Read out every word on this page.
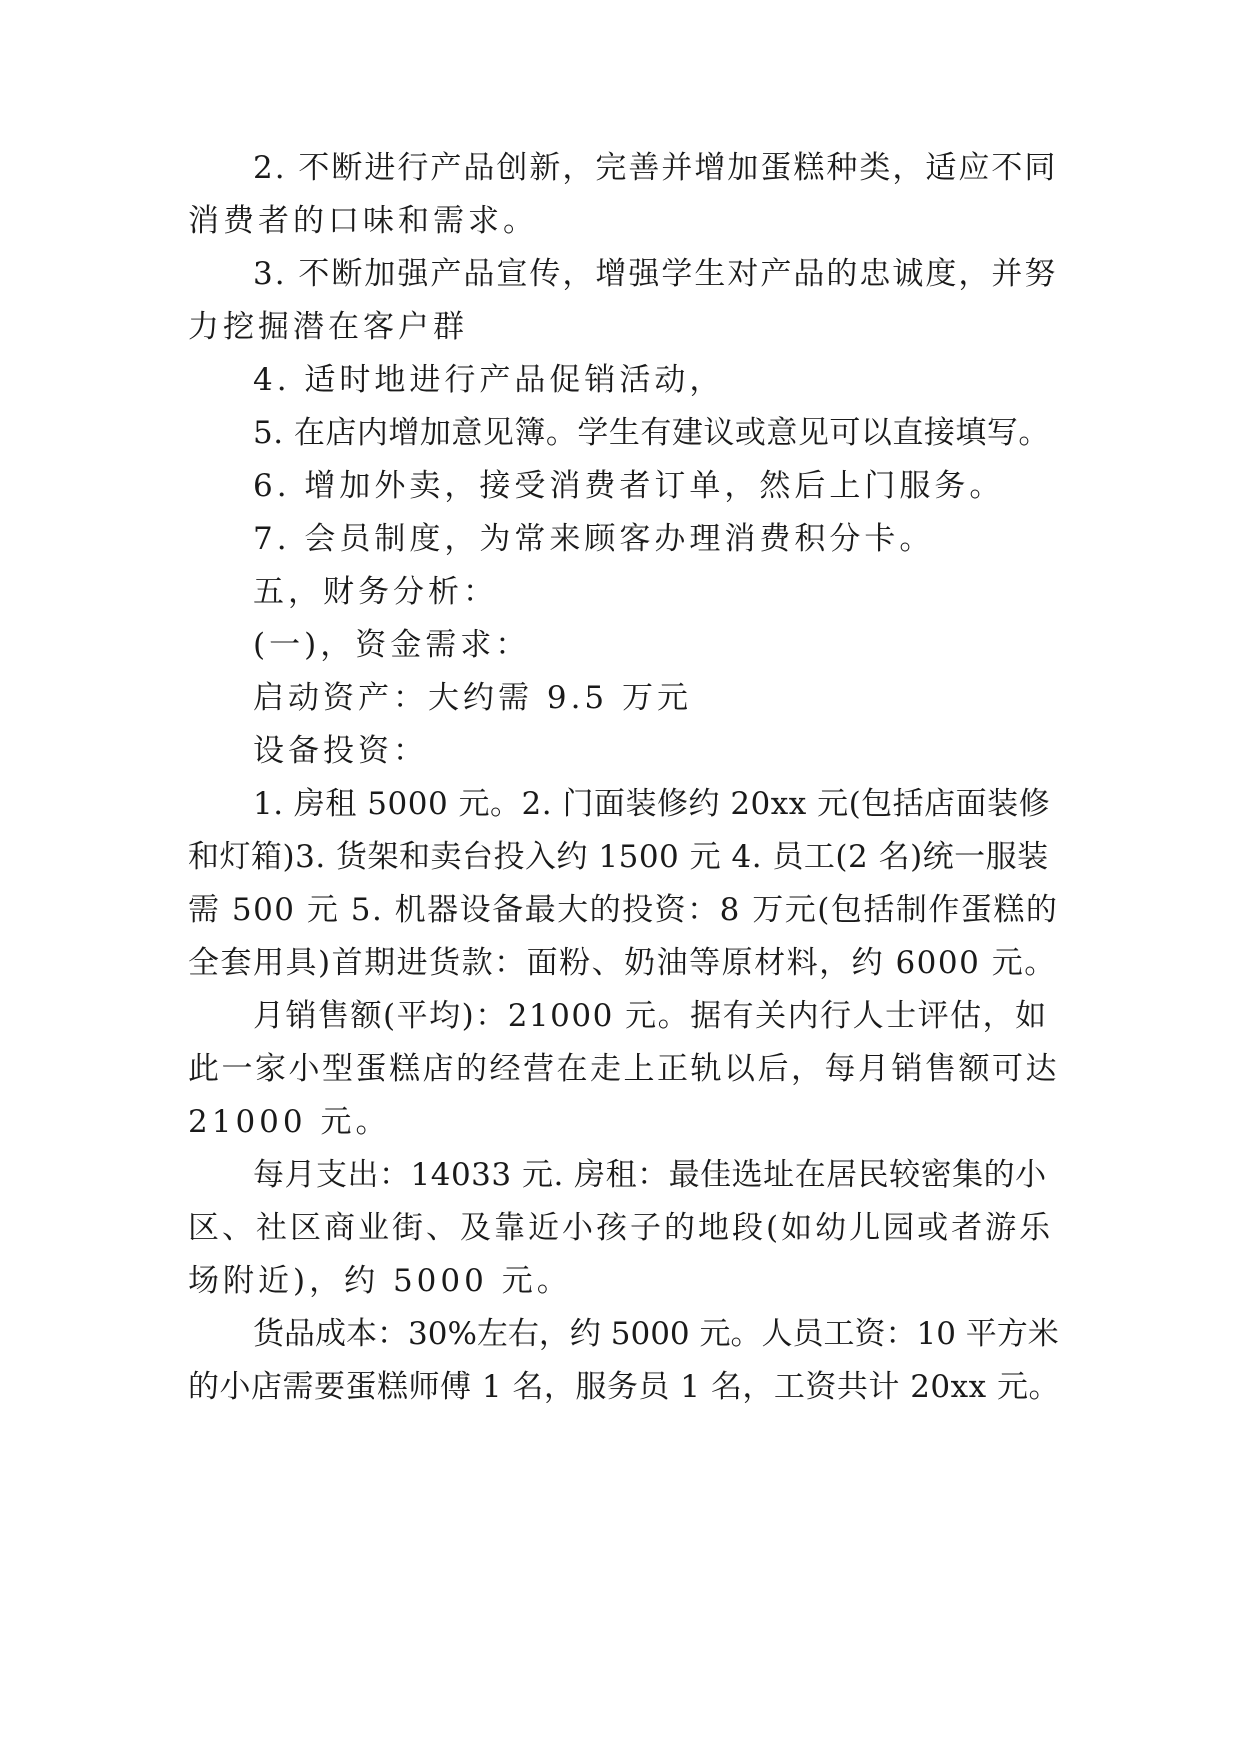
2. 不断进行产品创新，完善并增加蛋糕种类，适应不同

消费者的口味和需求。

3. 不断加强产品宣传，增强学生对产品的忠诚度，并努

力挖掘潜在客户群

4. 适时地进行产品促销活动，

5. 在店内增加意见簿。学生有建议或意见可以直接填写。

6. 增加外卖，接受消费者订单，然后上门服务。

7. 会员制度，为常来顾客办理消费积分卡。

五，财务分析：

(一)，资金需求：

启动资产：大约需 9.5 万元

设备投资：

1. 房租 5000 元。2. 门面装修约 20xx 元(包括店面装修

和灯箱)3. 货架和卖台投入约 1500 元 4. 员工(2 名)统一服装

需 500 元 5. 机器设备最大的投资：8 万元(包括制作蛋糕的

全套用具)首期进货款：面粉、奶油等原材料，约 6000 元。

月销售额(平均)：21000 元。据有关内行人士评估，如

此一家小型蛋糕店的经营在走上正轨以后，每月销售额可达

21000 元。

每月支出：14033 元. 房租：最佳选址在居民较密集的小

区、社区商业街、及靠近小孩子的地段(如幼儿园或者游乐

场附近)，约 5000 元。

货品成本：30%左右，约 5000 元。人员工资：10 平方米

的小店需要蛋糕师傅 1 名，服务员 1 名，工资共计 20xx 元。
